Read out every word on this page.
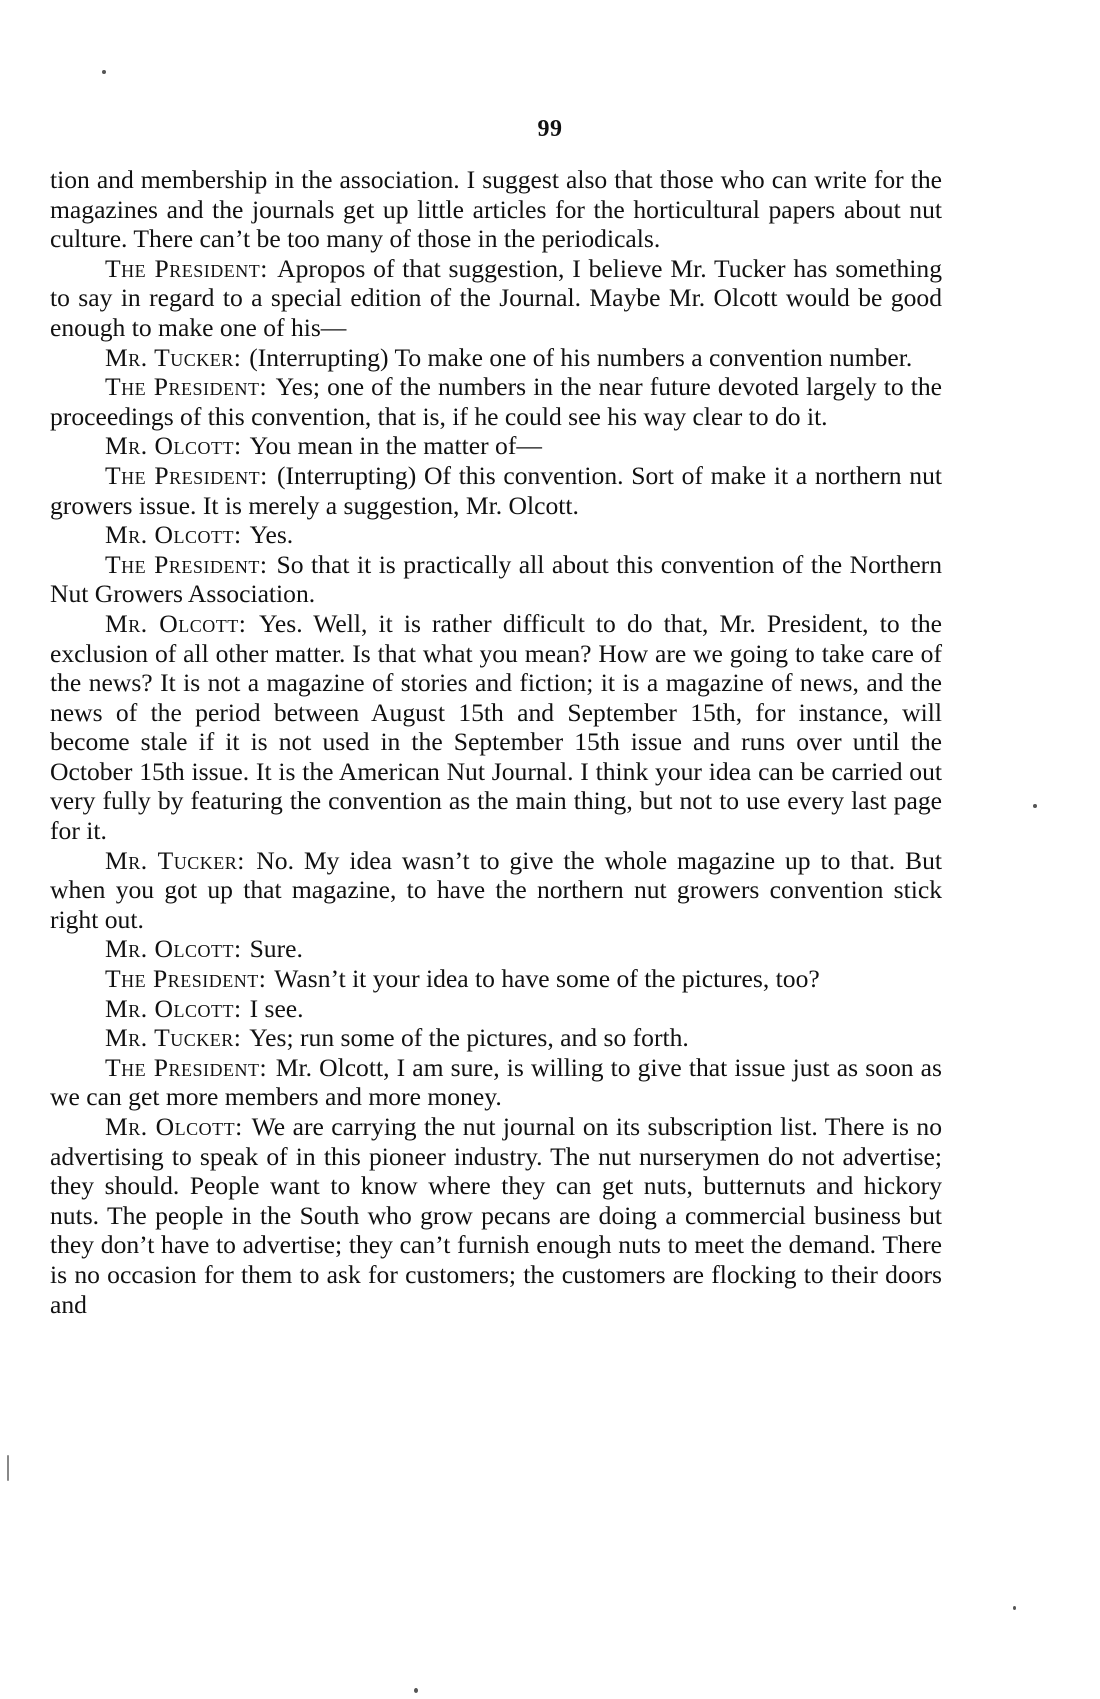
99

tion and membership in the association. I suggest also that those who can write for the magazines and the journals get up little articles for the horticultural papers about nut culture. There can’t be too many of those in the periodicals.

The President: Apropos of that suggestion, I believe Mr. Tucker has something to say in regard to a special edition of the Journal. Maybe Mr. Olcott would be good enough to make one of his—

Mr. Tucker: (Interrupting) To make one of his numbers a convention number.

The President: Yes; one of the numbers in the near future devoted largely to the proceedings of this convention, that is, if he could see his way clear to do it.

Mr. Olcott: You mean in the matter of—

The President: (Interrupting) Of this convention. Sort of make it a northern nut growers issue. It is merely a suggestion, Mr. Olcott.

Mr. Olcott: Yes.

The President: So that it is practically all about this convention of the Northern Nut Growers Association.

Mr. Olcott: Yes. Well, it is rather difficult to do that, Mr. President, to the exclusion of all other matter. Is that what you mean? How are we going to take care of the news? It is not a magazine of stories and fiction; it is a magazine of news, and the news of the period between August 15th and September 15th, for instance, will become stale if it is not used in the September 15th issue and runs over until the October 15th issue. It is the American Nut Journal. I think your idea can be carried out very fully by featuring the convention as the main thing, but not to use every last page for it.

Mr. Tucker: No. My idea wasn’t to give the whole magazine up to that. But when you got up that magazine, to have the northern nut growers convention stick right out.

Mr. Olcott: Sure.

The President: Wasn’t it your idea to have some of the pictures, too?

Mr. Olcott: I see.

Mr. Tucker: Yes; run some of the pictures, and so forth.

The President: Mr. Olcott, I am sure, is willing to give that issue just as soon as we can get more members and more money.

Mr. Olcott: We are carrying the nut journal on its subscription list. There is no advertising to speak of in this pioneer industry. The nut nurserymen do not advertise; they should. People want to know where they can get nuts, butternuts and hickory nuts. The people in the South who grow pecans are doing a commercial business but they don’t have to advertise; they can’t furnish enough nuts to meet the demand. There is no occasion for them to ask for customers; the customers are flocking to their doors and
